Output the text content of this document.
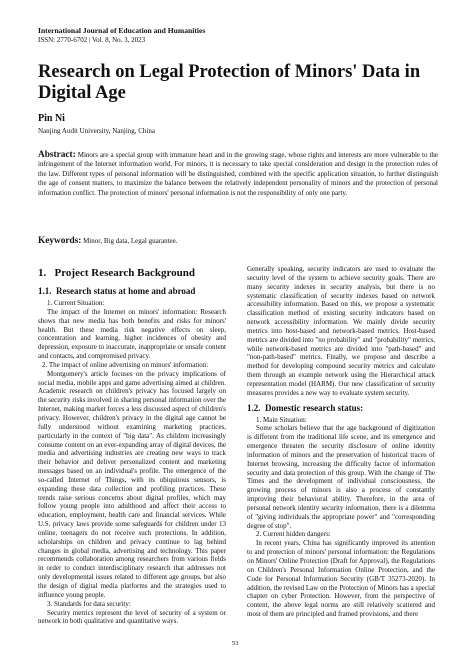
International Journal of Education and Humanities
ISSN: 2770-6702 | Vol. 8, No. 3, 2023
Research on Legal Protection of Minors' Data in Digital Age
Pin Ni
Nanjing Audit University, Nanjing, China
Abstract: Minors are a special group with immature heart and in the growing stage, whose rights and interests are more vulnerable to the infringement of the Internet information world. For minors, it is necessary to take special consideration and design in the protection rules of the law. Different types of personal information will be distinguished, combined with the specific application situation, to further distinguish the age of consent matters, to maximize the balance between the relatively independent personality of minors and the protection of personal information conflict. The protection of minors' personal information is not the responsibility of only one party.
Keywords: Minor, Big data, Legal guarantee.
1.   Project Research Background
1.1.  Research status at home and abroad

1. Current Situation:

The impact of the Internet on minors' information: Research shows that new media has both benefits and risks for minors' health. But these media risk negative effects on sleep, concentration and learning, higher incidences of obesity and depression, exposure to inaccurate, inappropriate or unsafe content and contacts, and compromised privacy.

2. The impact of online advertising on minors' information:

Montgomery's article focuses on the privacy implications of social media, mobile apps and game advertising aimed at children. Academic research on children's privacy has focused largely on the security risks involved in sharing personal information over the Internet, making market forces a less discussed aspect of children's privacy. However, children's privacy in the digital age cannot be fully understood without examining marketing practices, particularly in the context of "big data". As children increasingly consume content on an ever-expanding array of digital devices, the media and advertising industries are creating new ways to track their behavior and deliver personalized content and marketing messages based on an individual's profile. The emergence of the so-called Internet of Things, with its ubiquitous sensors, is expanding these data collection and profiling practices. These trends raise serious concerns about digital profiles, which may follow young people into adulthood and affect their access to education, employment, health care and financial services. While U.S. privacy laws provide some safeguards for children under 13 online, teenagers do not receive such protections. In addition, scholarships on children and privacy continue to lag behind changes in global media, advertising and technology. This paper recommends collaboration among researchers from various fields in order to conduct interdisciplinary research that addresses not only developmental issues related to different age groups, but also the design of digital media platforms and the strategies used to influence young people.

3. Standards for data security:

Security metrics represent the level of security of a system or network in both qualitative and quantitative ways.

Generally speaking, security indicators are used to evaluate the security level of the system to achieve security goals. There are many security indexes in security analysis, but there is no systematic classification of security indexes based on network accessibility information. Based on this, we propose a systematic classification method of existing security indicators based on network accessibility information. We mainly divide security metrics into host-based and network-based metrics. Host-based metrics are divided into "no probability" and "probability" metrics, while network-based metrics are divided into "path-based" and "non-path-based" metrics. Finally, we propose and describe a method for developing compound security metrics and calculate them through an example network using the Hierarchical attack representation model (HARM). Our new classification of security measures provides a new way to evaluate system security.

1.2.  Domestic research status:

1. Main Situation:

Some scholars believe that the age background of digitization is different from the traditional life scene, and its emergence and emergence threaten the security disclosure of online identity information of minors and the preservation of historical traces of Internet browsing, increasing the difficulty factor of information security and data protection of this group. With the change of The Times and the development of individual consciousness, the growing process of minors is also a process of constantly improving their behavioral ability. Therefore, in the area of personal network identity security information, there is a dilemma of "giving individuals the appropriate power" and "corresponding degree of stop".

2. Current hidden dangers:

In recent years, China has significantly improved its attention to and protection of minors' personal information: the Regulations on Minors' Online Protection (Draft for Approval), the Regulations on Children's Personal Information Online Protection, and the Code for Personal Information Security (GB/T 35273-2020). In addition, the revised Law on the Protection of Minors has a special chapter on cyber Protection. However, from the perspective of content, the above legal norms are still relatively scattered and most of them are principled and framed provisions, and there

53
